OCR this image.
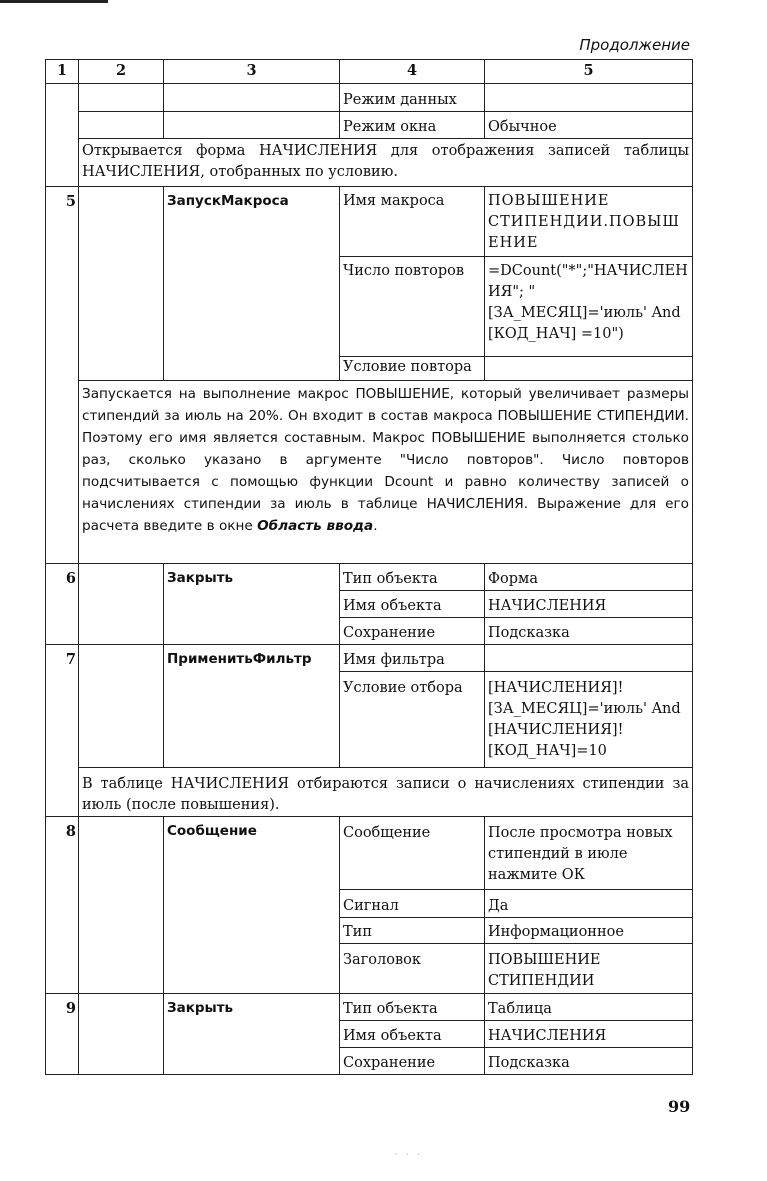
Продолжение
1	2	3	4	5
			Режим данных	
			Режим окна	Обычное
	Открывается форма НАЧИСЛЕНИЯ для отображения записей таблицы НАЧИСЛЕНИЯ, отобранных по условию.			
5		ЗапускМакроса	Имя макроса	ПОВЫШЕНИЕ СТИПЕНДИИ.ПОВЫШЕНИЕ
			Число повторов	=DCount("*";"НАЧИСЛЕНИЯ"; "[ЗА_МЕСЯЦ]='июль' And [КОД_НАЧ] =10")
			Условие повтора	
	Запускается на выполнение макрос ПОВЫШЕНИЕ, который увеличивает размеры стипендий за июль на 20%. Он входит в состав макроса ПОВЫШЕНИЕ СТИПЕНДИИ. Поэтому его имя является составным. Макрос ПОВЫШЕНИЕ выполняется столько раз, сколько указано в аргументе "Число повторов". Число повторов подсчитывается с помощью функции Dcount и равно количеству записей о начислениях стипендии за июль в таблице НАЧИСЛЕНИЯ. Выражение для его расчета введите в окне Область ввода.			
6		Закрыть	Тип объекта	Форма
			Имя объекта	НАЧИСЛЕНИЯ
			Сохранение	Подсказка
7		ПрименитьФильтр	Имя фильтра	
			Условие отбора	[НАЧИСЛЕНИЯ]![ЗА_МЕСЯЦ]='июль' And [НАЧИСЛЕНИЯ]![КОД_НАЧ]=10
	В таблице НАЧИСЛЕНИЯ отбираются записи о начислениях стипендии за июль (после повышения).			
8		Сообщение	Сообщение	После просмотра новых стипендий в июле нажмите ОК
			Сигнал	Да
			Тип	Информационное
			Заголовок	ПОВЫШЕНИЕ СТИПЕНДИИ
9		Закрыть	Тип объекта	Таблица
			Имя объекта	НАЧИСЛЕНИЯ
			Сохранение	Подсказка
99
· · ·
